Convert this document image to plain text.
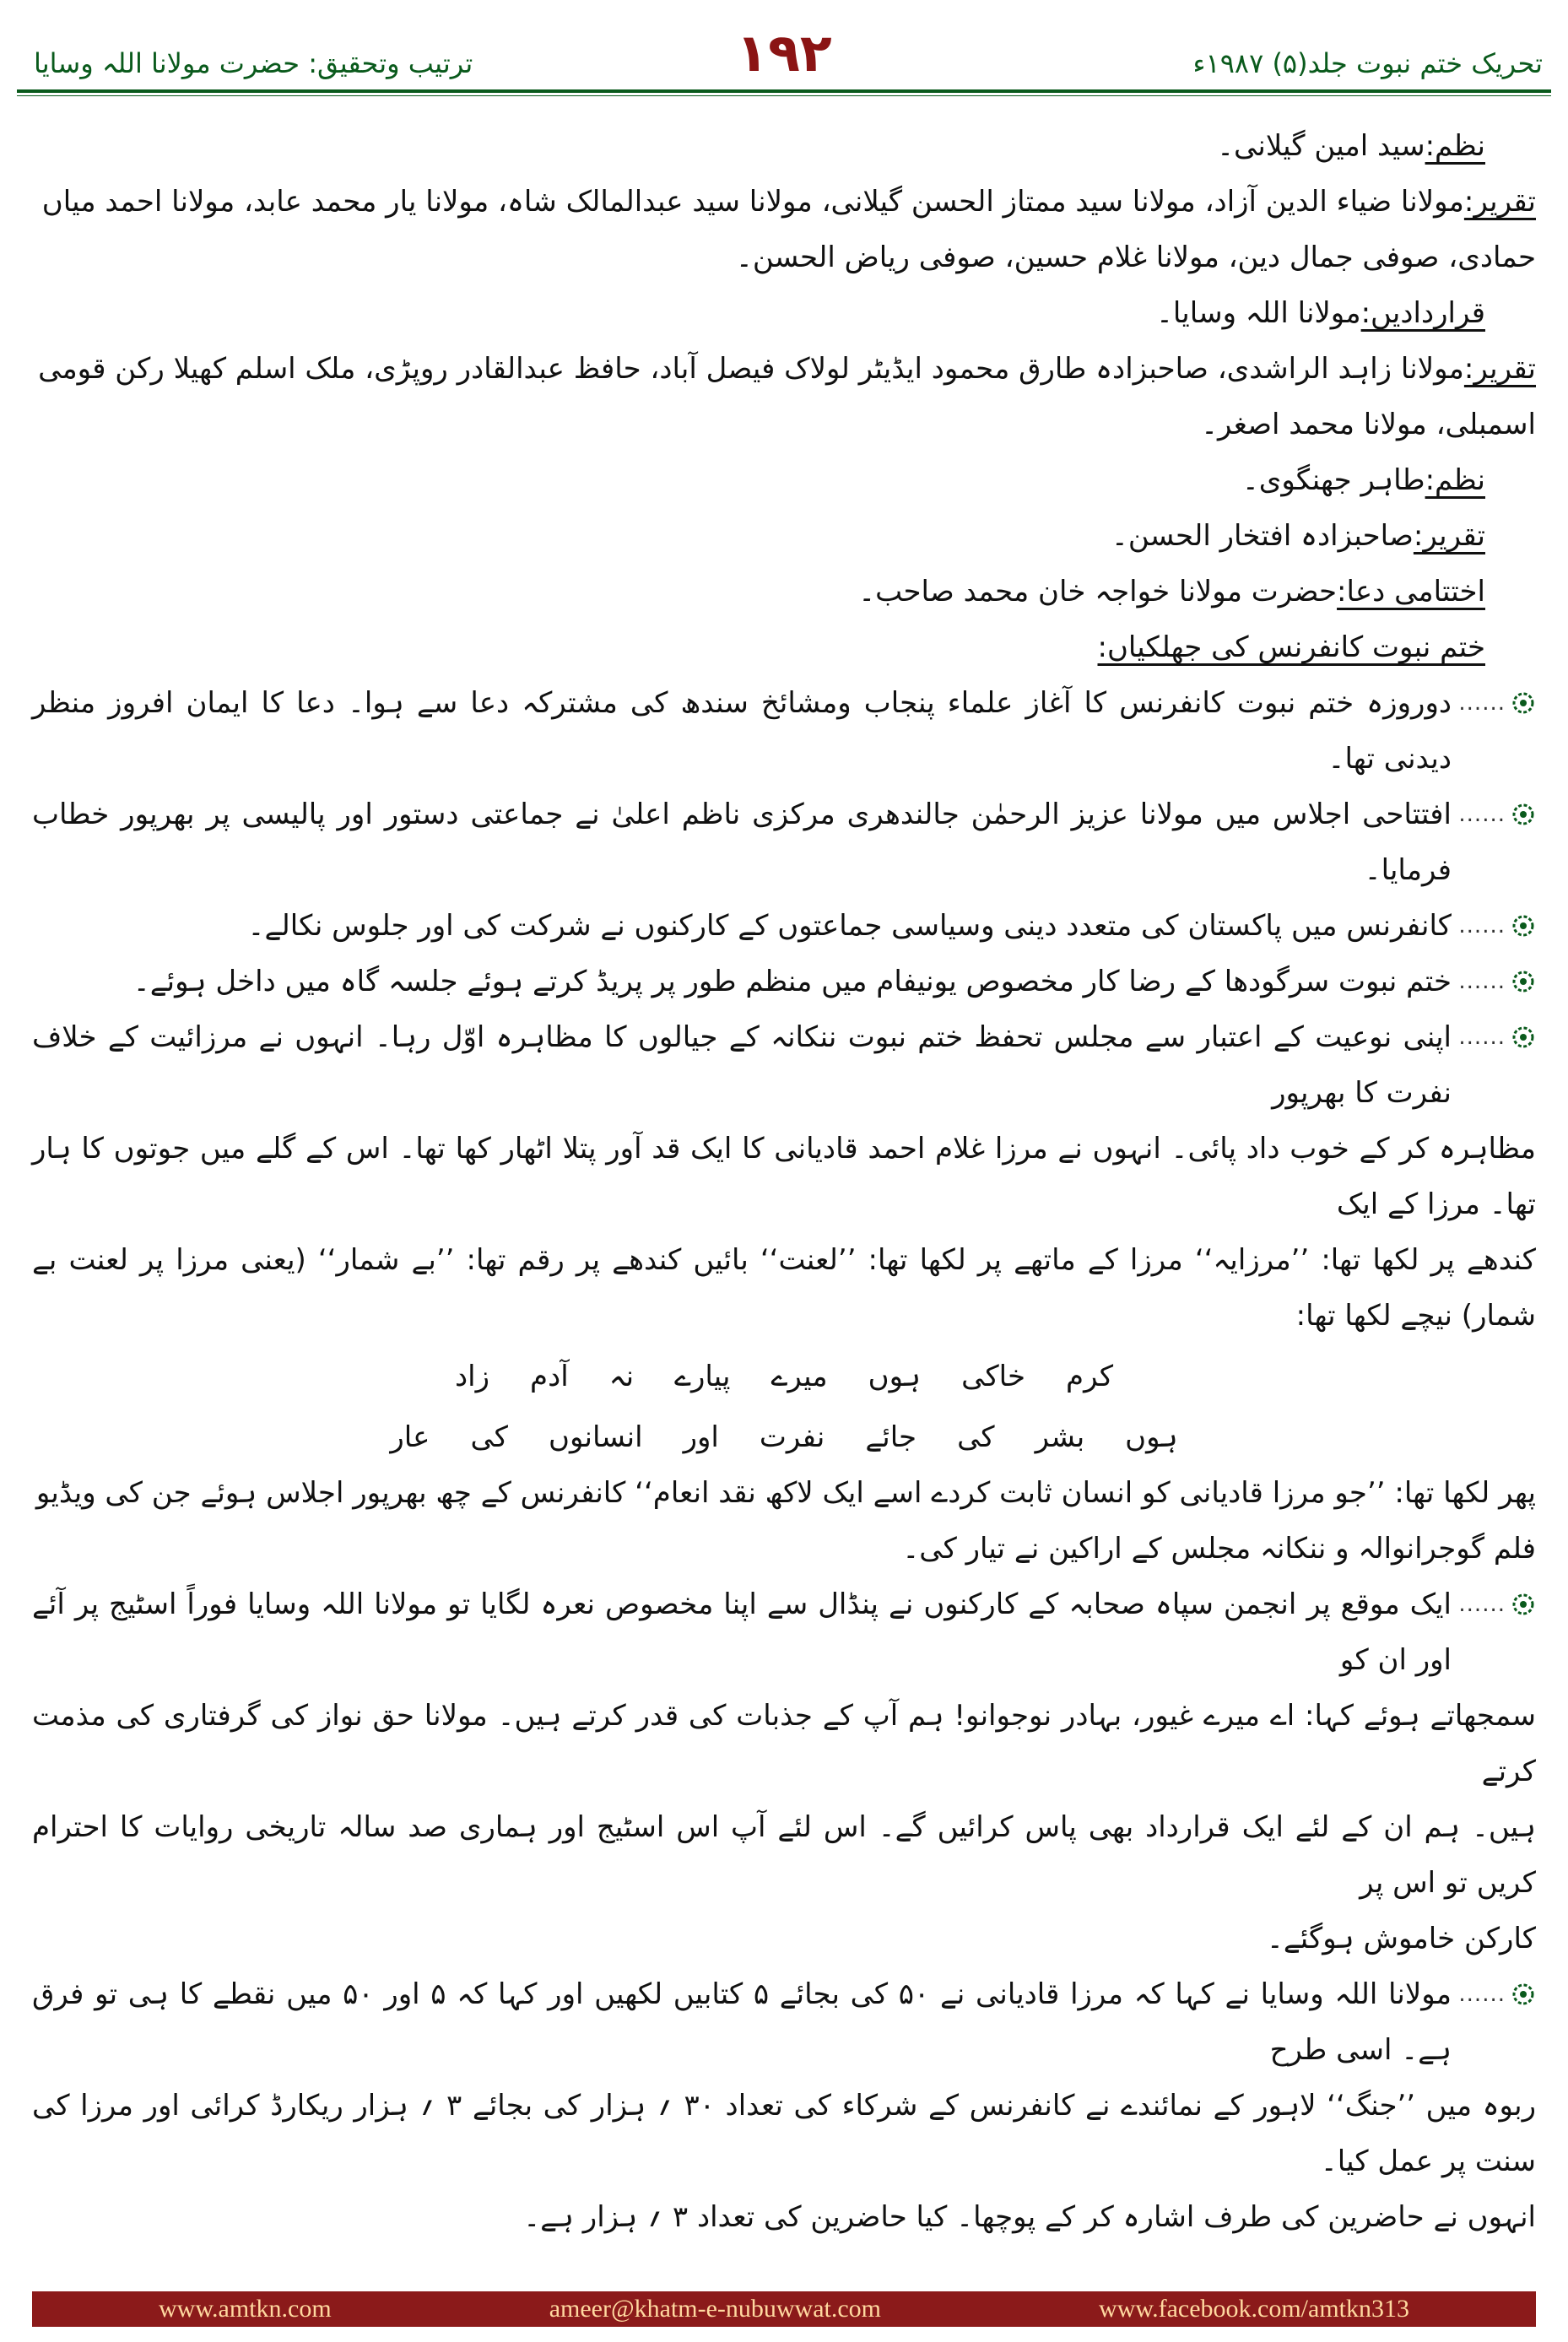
تحریک ختم نبوت جلد(۵) ۱۹۸۷ء
۱۹۲
ترتیب وتحقیق: حضرت مولانا اللہ وسایا

نظم:سید امین گیلانی۔

تقریر:مولانا ضیاء الدین آزاد، مولانا سید ممتاز الحسن گیلانی، مولانا سید عبدالمالک شاہ، مولانا یار محمد عابد، مولانا احمد میاں

حمادی، صوفی جمال دین، مولانا غلام حسین، صوفی ریاض الحسن۔

قراردادیں:مولانا اللہ وسایا۔

تقریر:مولانا زاہد الراشدی، صاحبزادہ طارق محمود ایڈیٹر لولاک فیصل آباد، حافظ عبدالقادر روپڑی، ملک اسلم کھیلا رکن قومی

اسمبلی، مولانا محمد اصغر۔

نظم:طاہر جھنگوی۔

تقریر:صاحبزادہ افتخار الحسن۔

اختتامی دعا:حضرت مولانا خواجہ خان محمد صاحب۔

ختم نبوت کانفرنس کی جھلکیاں:

......

دوروزہ ختم نبوت کانفرنس کا آغاز علماء پنجاب ومشائخ سندھ کی مشترکہ دعا سے ہوا۔ دعا کا ایمان افروز منظر دیدنی تھا۔

......

افتتاحی اجلاس میں مولانا عزیز الرحمٰن جالندھری مرکزی ناظم اعلیٰ نے جماعتی دستور اور پالیسی پر بھرپور خطاب فرمایا۔

......

کانفرنس میں پاکستان کی متعدد دینی وسیاسی جماعتوں کے کارکنوں نے شرکت کی اور جلوس نکالے۔

......

ختم نبوت سرگودھا کے رضا کار مخصوص یونیفام میں منظم طور پر پریڈ کرتے ہوئے جلسہ گاہ میں داخل ہوئے۔

......

اپنی نوعیت کے اعتبار سے مجلس تحفظ ختم نبوت ننکانہ کے جیالوں کا مظاہرہ اوّل رہا۔ انہوں نے مرزائیت کے خلاف نفرت کا بھرپور

مظاہرہ کر کے خوب داد پائی۔ انہوں نے مرزا غلام احمد قادیانی کا ایک قد آور پتلا اٹھار کھا تھا۔ اس کے گلے میں جوتوں کا ہار تھا۔ مرزا کے ایک

کندھے پر لکھا تھا: ’’مرزایہ‘‘ مرزا کے ماتھے پر لکھا تھا: ’’لعنت‘‘ بائیں کندھے پر رقم تھا: ’’بے شمار‘‘ (یعنی مرزا پر لعنت بے شمار) نیچے لکھا تھا:

کرم
خاکی
ہوں
میرے
پیارے
نہ
آدم
زاد
ہوں
بشر
کی
جائے
نفرت
اور
انسانوں
کی
عار

پھر لکھا تھا: ’’جو مرزا قادیانی کو انسان ثابت کردے اسے ایک لاکھ نقد انعام‘‘ کانفرنس کے چھ بھرپور اجلاس ہوئے جن کی ویڈیو

فلم گوجرانوالہ و ننکانہ مجلس کے اراکین نے تیار کی۔

......

ایک موقع پر انجمن سپاہ صحابہ کے کارکنوں نے پنڈال سے اپنا مخصوص نعرہ لگایا تو مولانا اللہ وسایا فوراً اسٹیج پر آئے اور ان کو

سمجھاتے ہوئے کہا: اے میرے غیور، بہادر نوجوانو! ہم آپ کے جذبات کی قدر کرتے ہیں۔ مولانا حق نواز کی گرفتاری کی مذمت کرتے

ہیں۔ ہم ان کے لئے ایک قرارداد بھی پاس کرائیں گے۔ اس لئے آپ اس اسٹیج اور ہماری صد سالہ تاریخی روایات کا احترام کریں تو اس پر

کارکن خاموش ہوگئے۔

......

مولانا اللہ وسایا نے کہا کہ مرزا قادیانی نے ۵۰ کی بجائے ۵ کتابیں لکھیں اور کہا کہ ۵ اور ۵۰ میں نقطے کا ہی تو فرق ہے۔ اسی طرح

ربوہ میں ’’جنگ‘‘ لاہور کے نمائندے نے کانفرنس کے شرکاء کی تعداد ۳۰ ؍ ہزار کی بجائے ۳ ؍ ہزار ریکارڈ کرائی اور مرزا کی سنت پر عمل کیا۔

انہوں نے حاضرین کی طرف اشارہ کر کے پوچھا۔ کیا حاضرین کی تعداد ۳ ؍ ہزار ہے۔

www.amtkn.com	ameer@khatm-e-nubuwwat.com	www.facebook.com/amtkn313
